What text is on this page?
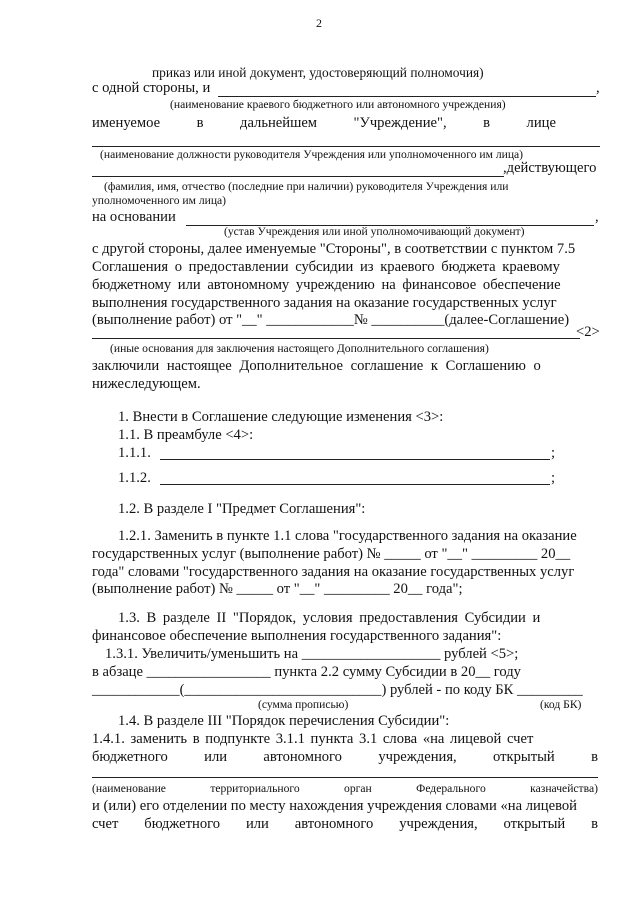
2
приказ или иной документ, удостоверяющий полномочия)
с одной стороны, и	,
(наименование краевого бюджетного или автономного учреждения)
именуемое	в	дальнейшем	"Учреждение",	в	лице
(наименование должности руководителя Учреждения или уполномоченного им лица)
,действующего
(фамилия, имя, отчество (последние при наличии) руководителя Учреждения или
уполномоченного им лица)
на основании	,
(устав Учреждения или иной уполномочивающий документ)
с другой стороны, далее именуемые "Стороны", в соответствии с пунктом 7.5
Соглашения о предоставлении субсидии из краевого бюджета краевому
бюджетному или автономному учреждению на финансовое обеспечение
выполнения государственного задания на оказание государственных услуг
(выполнение работ) от "__" ____________№ __________(далее-Соглашение)
<2>
(иные основания для заключения настоящего Дополнительного соглашения)
заключили настоящее Дополнительное соглашение к Соглашению о
нижеследующем.
1. Внести в Соглашение следующие изменения <3>:
1.1. В преамбуле <4>:
1.1.1.	;
1.1.2.	;
1.2. В разделе I "Предмет Соглашения":
1.2.1. Заменить в пункте 1.1 слова "государственного задания на оказание
государственных услуг (выполнение работ) № _____ от "__" _________ 20__
года" словами "государственного задания на оказание государственных услуг
(выполнение работ) № _____ от "__" _________ 20__ года";
1.3. В разделе II "Порядок, условия предоставления Субсидии и
финансовое обеспечение выполнения государственного задания":
1.3.1. Увеличить/уменьшить на ___________________ рублей <5>;
в абзаце _________________ пункта 2.2 сумму Субсидии в 20__ году
____________(___________________________) рублей - по коду БК _________
(сумма прописью)	(код БК)
1.4. В разделе III "Порядок перечисления Субсидии":
1.4.1. заменить в подпункте 3.1.1 пункта 3.1 слова «на лицевой счет
бюджетного или автономного учреждения, открытый в
(наименование	территориального	орган	Федерального	казначейства)
и (или) его отделении по месту нахождения учреждения словами «на лицевой
счет бюджетного или автономного учреждения, открытый в
